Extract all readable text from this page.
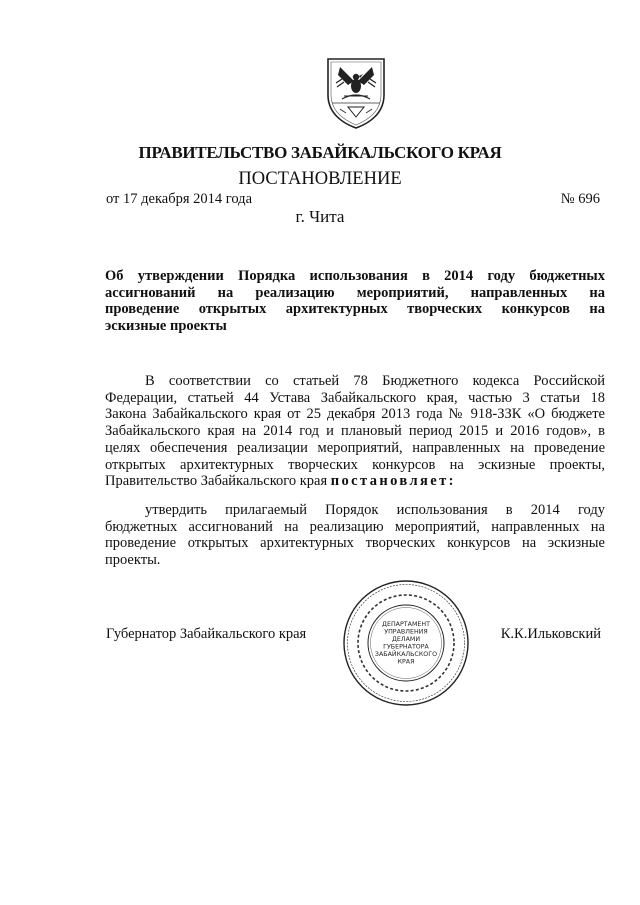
ПРАВИТЕЛЬСТВО ЗАБАЙКАЛЬСКОГО КРАЯ
ПОСТАНОВЛЕНИЕ
от 17 декабря 2014 года	№ 696
г. Чита
Об утверждении Порядка использования в 2014 году бюджетных
ассигнований на реализацию мероприятий, направленных на
проведение открытых архитектурных творческих конкурсов на
эскизные проекты
В соответствии со статьей 78 Бюджетного кодекса Российской
Федерации, статьей 44 Устава Забайкальского края, частью 3 статьи 18
Закона Забайкальского края от 25 декабря 2013 года № 918-ЗЗК «О бюджете
Забайкальского края на 2014 год и плановый период 2015 и 2016 годов», в
целях обеспечения реализации мероприятий, направленных на проведение
открытых архитектурных творческих конкурсов на эскизные проекты,
Правительство Забайкальского края постановляет:
утвердить прилагаемый Порядок использования в 2014 году
бюджетных ассигнований на реализацию мероприятий, направленных на
проведение открытых архитектурных творческих конкурсов на эскизные
проекты.
Губернатор Забайкальского края	К.К.Ильковский
ДЕПАРТАМЕНТ
УПРАВЛЕНИЯ
ДЕЛАМИ
ГУБЕРНАТОРА
ЗАБАЙКАЛЬСКОГО
КРАЯ
